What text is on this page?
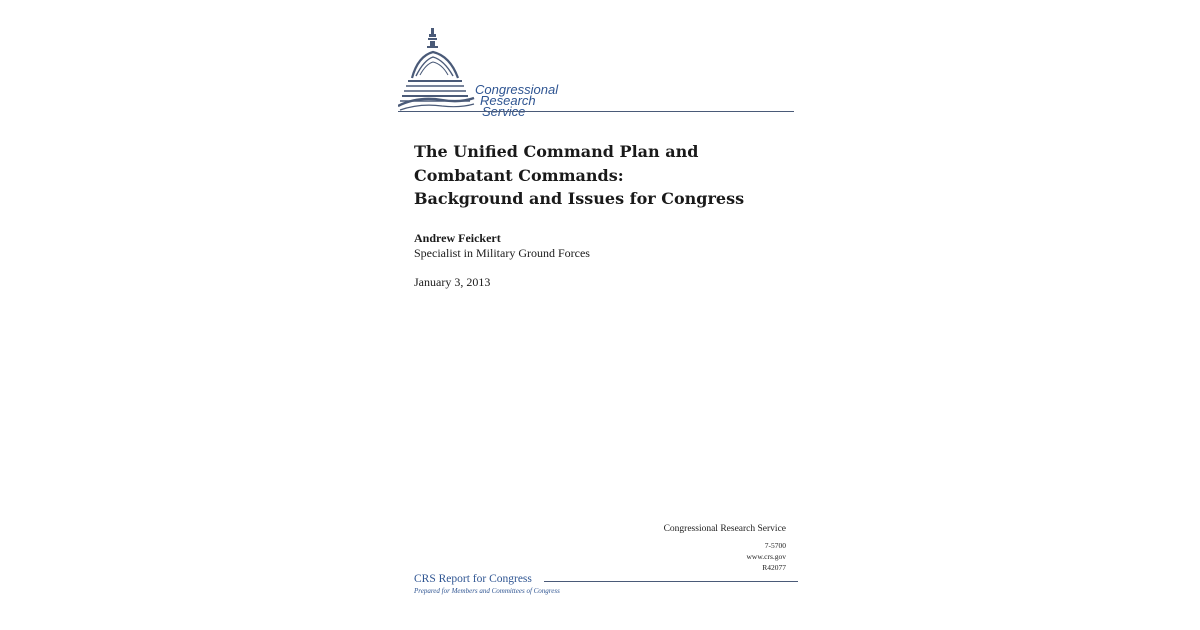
Congressional
Research
Service
The Unified Command Plan and
Combatant Commands:
Background and Issues for Congress
Andrew Feickert
Specialist in Military Ground Forces
January 3, 2013
Congressional Research Service
7-5700
www.crs.gov
R42077
CRS Report for Congress
Prepared for Members and Committees of Congress
